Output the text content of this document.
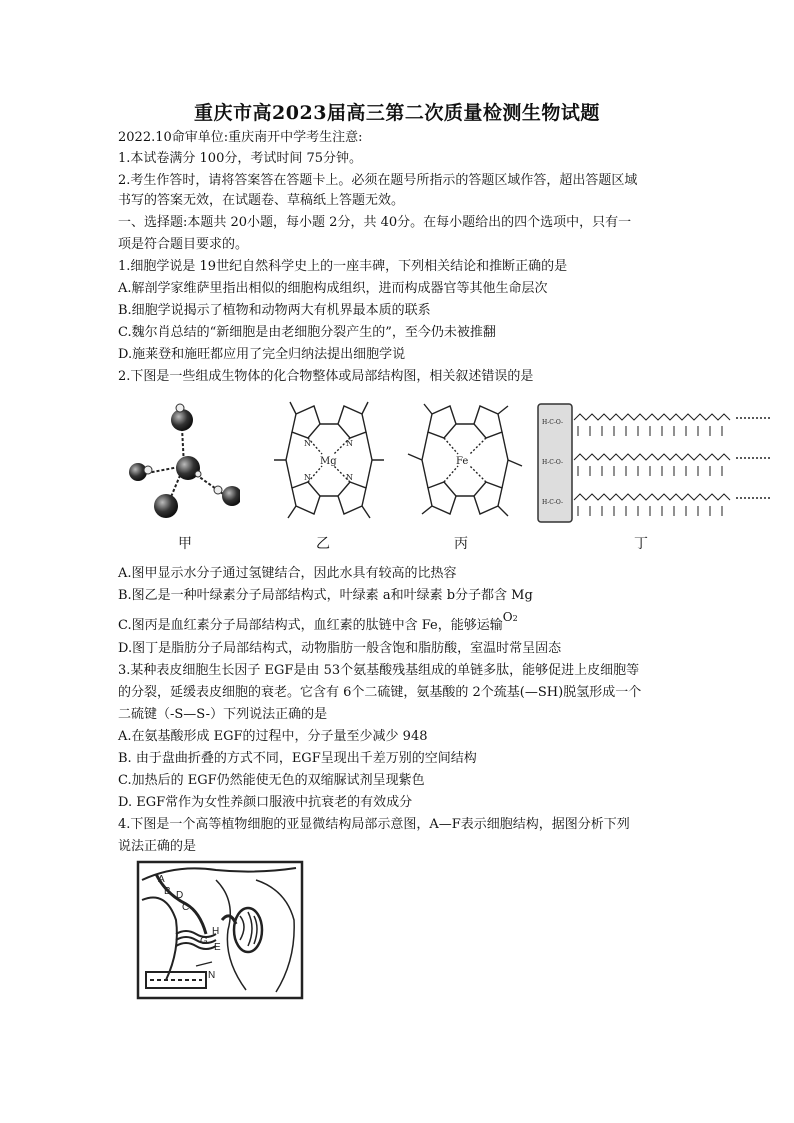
重庆市高2023届高三第二次质量检测生物试题
2022.10命审单位:重庆南开中学考生注意:
1.本试卷满分 100分，考试时间 75分钟。
2.考生作答时，请将答案答在答题卡上。必须在题号所指示的答题区域作答，超出答题区域
书写的答案无效，在试题卷、草稿纸上答题无效。
一、选择题:本题共 20小题，每小题 2分，共 40分。在每小题给出的四个选项中，只有一
项是符合题目要求的。
1.细胞学说是 19世纪自然科学史上的一座丰碑，下列相关结论和推断正确的是
A.解剖学家维萨里指出相似的细胞构成组织，进而构成器官等其他生命层次
B.细胞学说揭示了植物和动物两大有机界最本质的联系
C.魏尔肖总结的“新细胞是由老细胞分裂产生的”，至今仍未被推翻
D.施莱登和施旺都应用了完全归纳法提出细胞学说
2.下图是一些组成生物体的化合物整体或局部结构图，相关叙述错误的是
Mg
N	N
N	N
Fe
H-C-O-
H-C-O-
H-C-O-
甲	乙	丙	丁
A.图甲显示水分子通过氢键结合，因此水具有较高的比热容
B.图乙是一种叶绿素分子局部结构式，叶绿素 a和叶绿素 b分子都含 Mg
C.图丙是血红素分子局部结构式，血红素的肽链中含 Fe，能够运输O2
D.图丁是脂肪分子局部结构式，动物脂肪一般含饱和脂肪酸，室温时常呈固态
3.某种表皮细胞生长因子 EGF是由 53个氨基酸残基组成的单链多肽，能够促进上皮细胞等
的分裂，延缓表皮细胞的衰老。它含有 6个二硫键，氨基酸的 2个巯基(—SH)脱氢形成一个
二硫键（-S—S-）下列说法正确的是
A.在氨基酸形成 EGF的过程中，分子量至少减少 948
B. 由于盘曲折叠的方式不同，EGF呈现出千差万别的空间结构
C.加热后的 EGF仍然能使无色的双缩脲试剂呈现紫色
D. EGF常作为女性养颜口服液中抗衰老的有效成分
4.下图是一个高等植物细胞的亚显微结构局部示意图，A—F表示细胞结构，据图分析下列
说法正确的是
A
B D
C
H
G
E
N
